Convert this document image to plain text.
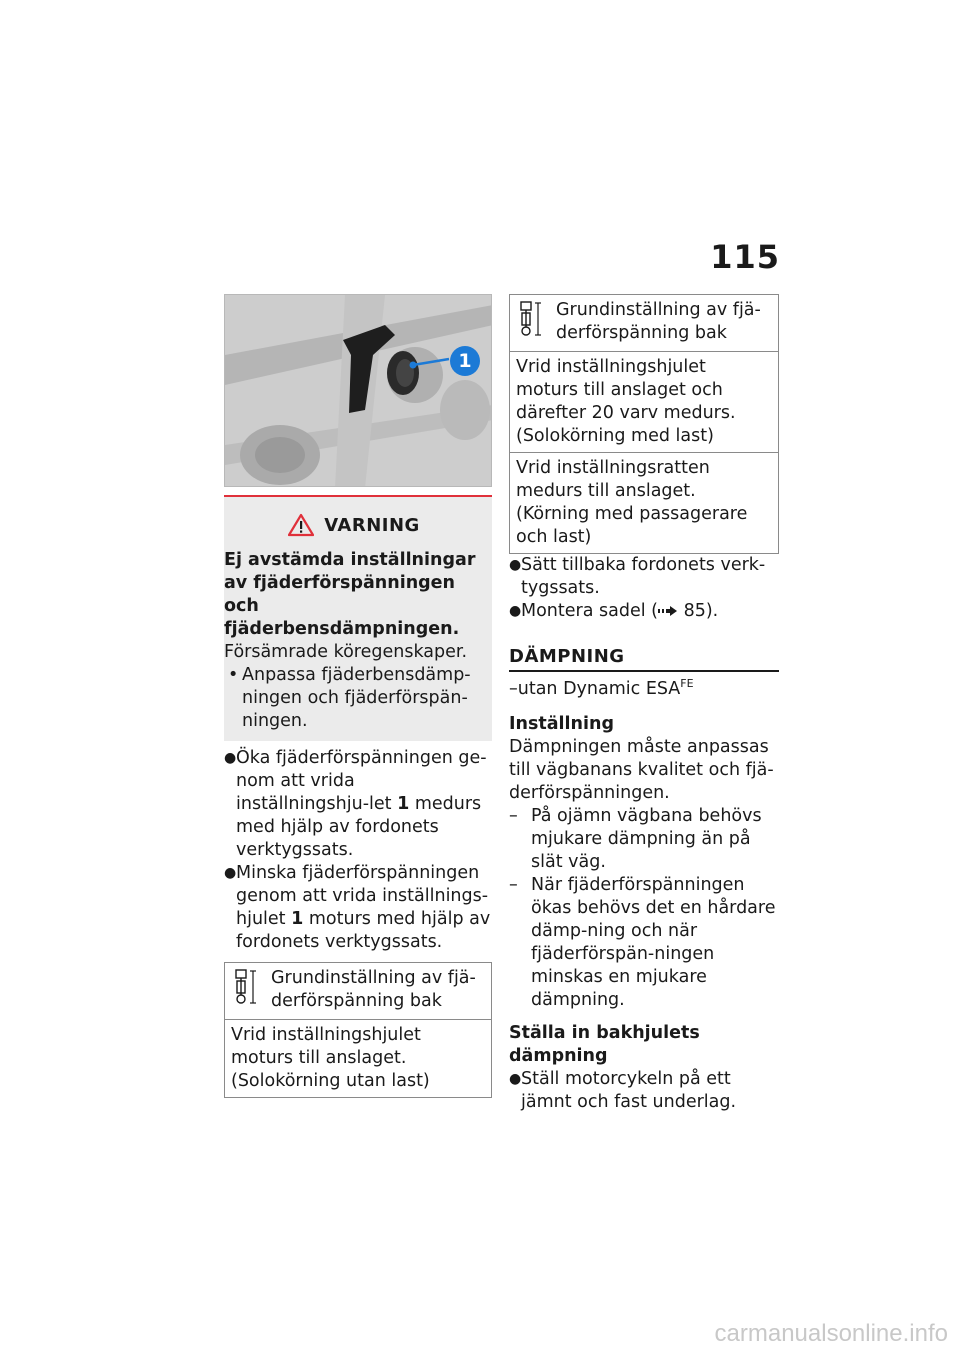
115
1
VARNING
Ej avstämda inställningar av fjäderförspänningen och fjäderbensdämpningen.
Försämrade köregenskaper.
• Anpassa fjäderbensdämp-ningen och fjäderförspän-ningen.
● Öka fjäderförspänningen ge-nom att vrida inställningshju-let 1 medurs med hjälp av fordonets verktygssats.
● Minska fjäderförspänningen genom att vrida inställnings-hjulet 1 moturs med hjälp av fordonets verktygssats.
Grundinställning av fjä-derförspänning bak
Vrid inställningshjulet moturs till anslaget. (Solokörning utan last)
Grundinställning av fjä-derförspänning bak
Vrid inställningshjulet moturs till anslaget och därefter 20 varv medurs. (Solokörning med last)
Vrid inställningsratten medurs till anslaget. (Körning med passagerare och last)
● Sätt tillbaka fordonets verk-tygssats.
● Montera sadel ( 85).
DÄMPNING
–utan Dynamic $ESA^{FE}$
Inställning
Dämpningen måste anpassas till vägbanans kvalitet och fjä-derförspänningen.
– På ojämn vägbana behövs mjukare dämpning än på slät väg.
– När fjäderförspänningen ökas behövs det en hårdare dämp-ning och när fjäderförspän-ningen minskas en mjukare dämpning.
Ställa in bakhjulets dämpning
● Ställ motorcykeln på ett jämnt och fast underlag.
carmanualsonline.info
